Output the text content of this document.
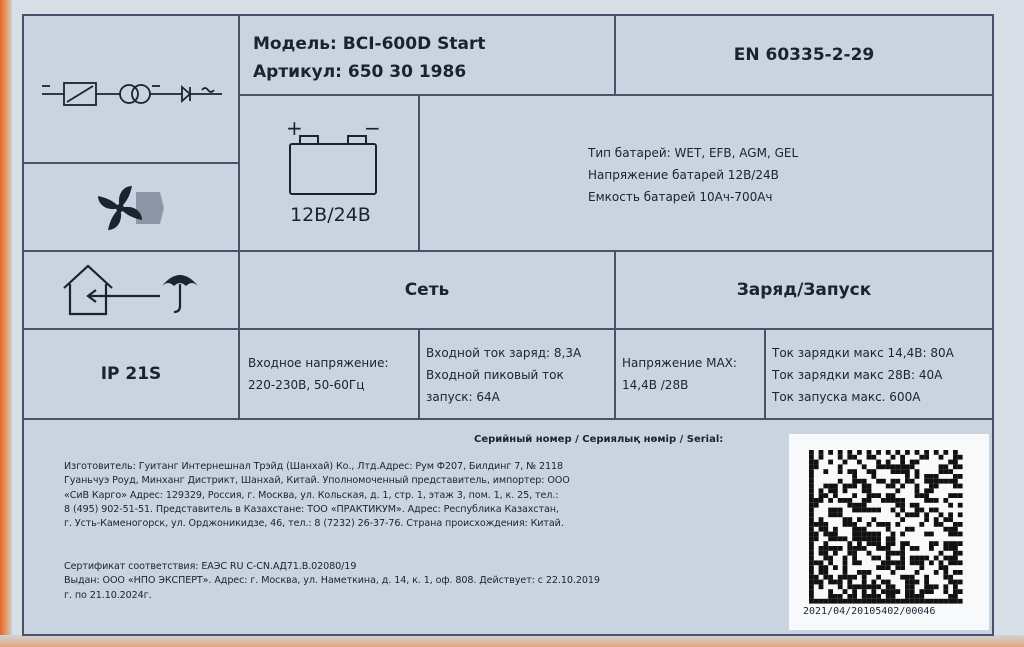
Модель: BCI-600D Start
Артикул: 650 30 1986
EN 60335-2-29
+	−
12В/24В
Тип батарей: WET, EFB, AGM, GEL
Напряжение батарей 12В/24В
Емкость батарей 10Ач-700Ач
Сеть	Заряд/Запуск
IP 21S
Входное напряжение:
220-230В, 50-60Гц
Входной ток заряд: 8,3А
Входной пиковый ток
запуск: 64А
Напряжение MAX:
14,4В /28В
Ток зарядки макс 14,4В: 80А
Ток зарядки макс 28В: 40А
Ток запуска макс. 600А
Серийный номер / Сериялық нөмір / Serial:
Изготовитель: Гуитанг Интернешнал Трэйд (Шанхай) Ко., Лтд.Адрес: Рум Ф207, Билдинг 7, № 2118
Гуаньчуэ Роуд, Минханг Дистрикт, Шанхай, Китай. Уполномоченный представитель, импортер: ООО
«СиВ Карго» Адрес: 129329, Россия, г. Москва, ул. Кольская, д. 1, стр. 1, этаж 3, пом. 1, к. 25, тел.:
8 (495) 902-51-51. Представитель в Казахстане: ТОО «ПРАКТИКУМ». Адрес: Республика Казахстан,
г. Усть-Каменогорск, ул. Орджоникидзе, 46, тел.: 8 (7232) 26-37-76. Страна происхождения: Китай.
Сертификат соответствия: ЕАЭС RU С-CN.АД71.В.02080/19
Выдан: ООО «НПО ЭКСПЕРТ». Адрес: г. Москва, ул. Наметкина, д. 14, к. 1, оф. 808. Действует: с 22.10.2019
г. по 21.10.2024г.
2021/04/20105402/00046
